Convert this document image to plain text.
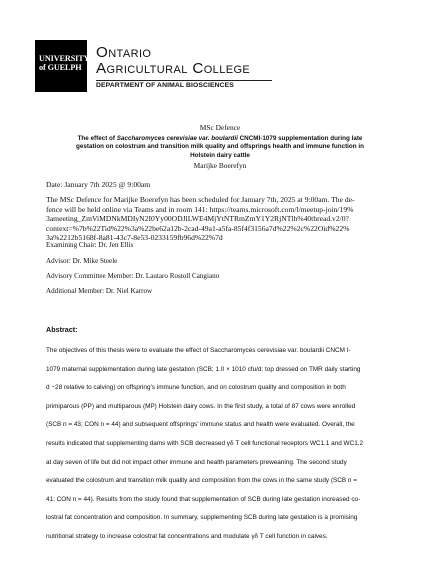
UNIVERSITY
of GUELPH
Ontario
Agricultural College
DEPARTMENT OF ANIMAL BIOSCIENCES
MSc Defence
The effect of Saccharomyces cerevisiae var. boulardii CNCMI-1079 supplementation during late gestation on colostrum and transition milk quality and offsprings health and immune function in Holstein dairy cattle
Marijke Boerefyn
Date: January 7th 2025 @ 9:00am
The MSc Defence for Marijke Boerefyn has been scheduled for January 7th, 2025 at 9:00am. The de-
fence will be held online via Teams and in room 141: https://teams.microsoft.com/l/meetup-join/19%
3ameeting_ZmViMDNkMDIyN2I0Yy00ODJlLWE4MjYtNTRmZmY1Y2RjNTlh%40thread.v2/0?
context=%7b%22Tid%22%3a%22be62a12b-2cad-49a1-a5fa-85f4f3156a7d%22%2c%22Oid%22%
3a%2212b5168f-8a81-43c7-8e53-0233159fb96d%22%7d
Examining Chair: Dr. Jen Ellis
Advisor: Dr. Mike Steele
Advisory Committee Member: Dr. Lautaro Rostoll Cangiano
Additional Member: Dr. Niel Karrow
Abstract:
The objectives of this thesis were to evaluate the effect of Saccharomyces cerevisiae var. boulardii CNCM I-
1079 maternal supplementation during late gestation (SCB; 1.0 × 1010 cfu/d; top dressed on TMR daily starting
d −28 relative to calving) on offspring’s immune function, and on colostrum quality and composition in both
primiparous (PP) and multiparous (MP) Holstein dairy cows. In the first study, a total of 87 cows were enrolled
(SCB n = 43; CON n = 44) and subsequent offsprings’ immune status and health were evaluated. Overall, the
results indicated that supplementing dams with SCB decreased γδ T cell functional receptors WC1.1 and WC1.2
at day seven of life but did not impact other immune and health parameters preweaning. The second study
evaluated the colostrum and transition milk quality and composition from the cows in the same study (SCB n =
41; CON n = 44). Results from the study found that supplementation of SCB during late gestation increased co-
lostral fat concentration and composition. In summary, supplementing SCB during late gestation is a promising
nutritional strategy to increase colostral fat concentrations and modulate γδ T cell function in calves.
